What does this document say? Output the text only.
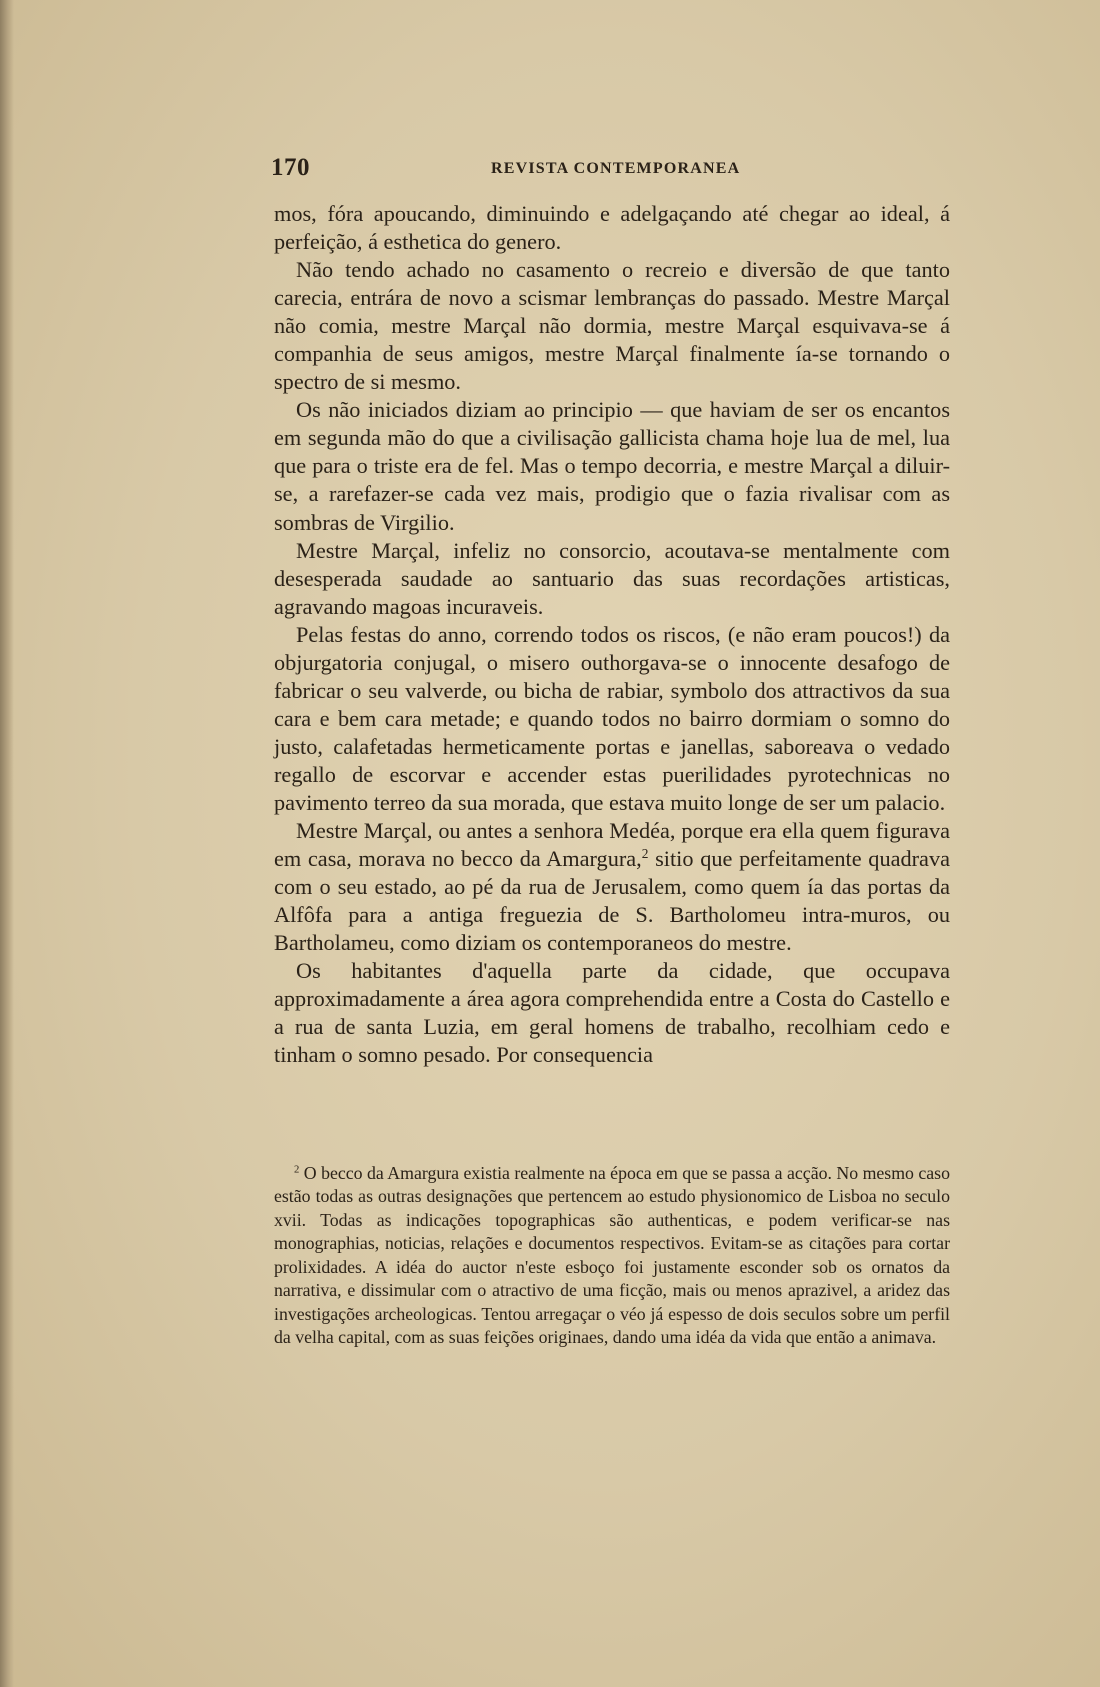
170	REVISTA CONTEMPORANEA

mos, fóra apoucando, diminuindo e adelgaçando até chegar ao ideal, á perfeição, á esthetica do genero.

Não tendo achado no casamento o recreio e diversão de que tanto carecia, entrára de novo a scismar lembranças do passado. Mestre Marçal não comia, mestre Marçal não dormia, mestre Marçal esquivava-se á companhia de seus amigos, mestre Marçal finalmente ía-se tornando o spectro de si mesmo.

Os não iniciados diziam ao principio — que haviam de ser os encantos em segunda mão do que a civilisação gallicista chama hoje lua de mel, lua que para o triste era de fel. Mas o tempo decorria, e mestre Marçal a diluir-se, a rarefazer-se cada vez mais, prodigio que o fazia rivalisar com as sombras de Virgilio.

Mestre Marçal, infeliz no consorcio, acoutava-se mentalmente com desesperada saudade ao santuario das suas recordações artisticas, agravando magoas incuraveis.

Pelas festas do anno, correndo todos os riscos, (e não eram poucos!) da objurgatoria conjugal, o misero outhorgava-se o innocente desafogo de fabricar o seu valverde, ou bicha de rabiar, symbolo dos attractivos da sua cara e bem cara metade; e quando todos no bairro dormiam o somno do justo, calafetadas hermeticamente portas e janellas, saboreava o vedado regallo de escorvar e accender estas puerilidades pyrotechnicas no pavimento terreo da sua morada, que estava muito longe de ser um palacio.

Mestre Marçal, ou antes a senhora Medéa, porque era ella quem figurava em casa, morava no becco da Amargura,$^2$ sitio que perfeitamente quadrava com o seu estado, ao pé da rua de Jerusalem, como quem ía das portas da Alfôfa para a antiga freguezia de S. Bartholomeu intra-muros, ou Bartholameu, como diziam os contemporaneos do mestre.

Os habitantes d'aquella parte da cidade, que occupava approximadamente a área agora comprehendida entre a Costa do Castello e a rua de santa Luzia, em geral homens de trabalho, recolhiam cedo e tinham o somno pesado. Por consequencia

$^2$ O becco da Amargura existia realmente na época em que se passa a acção. No mesmo caso estão todas as outras designações que pertencem ao estudo physionomico de Lisboa no seculo xvii. Todas as indicações topographicas são authenticas, e podem verificar-se nas monographias, noticias, relações e documentos respectivos. Evitam-se as citações para cortar prolixidades. A idéa do auctor n'este esboço foi justamente esconder sob os ornatos da narrativa, e dissimular com o atractivo de uma ficção, mais ou menos aprazivel, a aridez das investigações archeologicas. Tentou arregaçar o véo já espesso de dois seculos sobre um perfil da velha capital, com as suas feições originaes, dando uma idéa da vida que então a animava.
